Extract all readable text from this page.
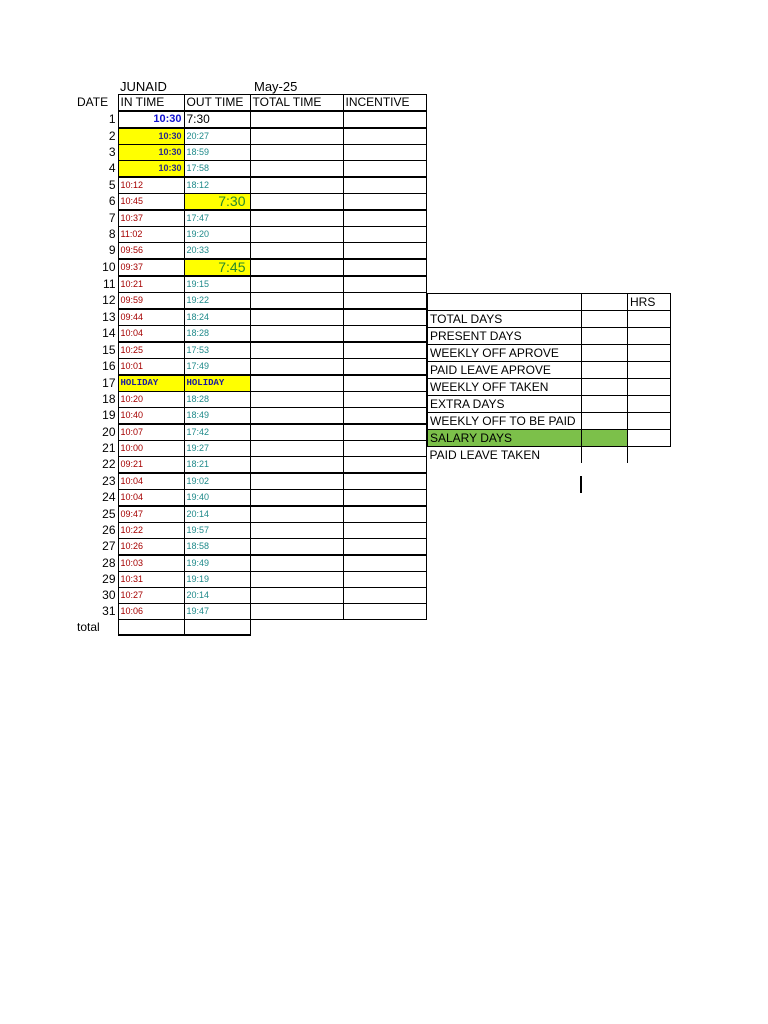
JUNAID	May-25
DATE	IN TIME	OUT TIME	TOTAL TIME	INCENTIVE
1	10:30	7:30		
2	10:30	20:27		
3	10:30	18:59		
4	10:30	17:58		
5	10:12	18:12		
6	10:45	7:30		
7	10:37	17:47		
8	11:02	19:20		
9	09:56	20:33		
10	09:37	7:45		
11	10:21	19:15		
12	09:59	19:22		
13	09:44	18:24		
14	10:04	18:28		
15	10:25	17:53		
16	10:01	17:49		
17	HOLIDAY	HOLIDAY		
18	10:20	18:28		
19	10:40	18:49		
20	10:07	17:42		
21	10:00	19:27		
22	09:21	18:21		
23	10:04	19:02		
24	10:04	19:40		
25	09:47	20:14		
26	10:22	19:57		
27	10:26	18:58		
28	10:03	19:49		
29	10:31	19:19		
30	10:27	20:14		
31	10:06	19:47		
total				
		HRS
TOTAL DAYS		
PRESENT DAYS		
WEEKLY OFF APROVE		
PAID LEAVE APROVE		
WEEKLY OFF TAKEN		
EXTRA DAYS		
WEEKLY OFF TO BE PAID		
SALARY DAYS		
PAID LEAVE TAKEN		
